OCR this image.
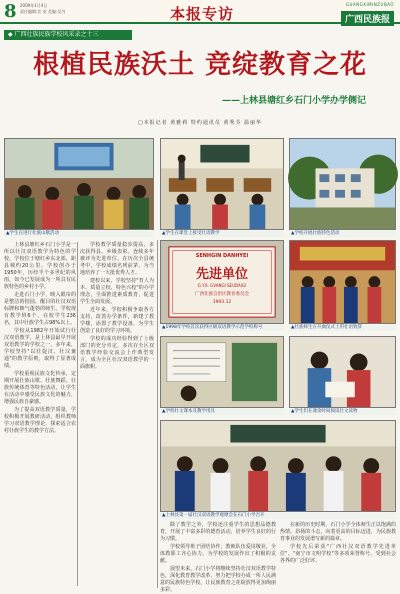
8 2009年1月4日
责任编辑:农 英 美编:吴丹	本报专访
GUANGXIMINZUBAO
广西民族报
◆ 广西壮族民族学校风采录之十三
根植民族沃土 竞绽教育之花
——上林县塘红乡石门小学办学侧记
□本报记者 黄雅莉 特约通讯员 黄秀芬 温丽华
▲学生在进行壮族山歌活动	▲学生在课堂上接受壮语教学	▲学校开展壮族特色活动

上林县塘红乡石门小学是一所以壮汉双语教学为特色的学校，学校位于塘红乡东北部，距县城约20公里。学校创办于1950年，历经半个多世纪的风雨，如今已发展成为一所具有民族特色的乡村小学。

走进石门小学，映入眼帘的是整洁的校园、醒目的壮汉双语标牌和朝气蓬勃的师生。学校现有教学班6个，在校学生236名，其中壮族学生占98%以上。

学校从1982年开始试行壮汉双语教学，是上林县最早开展双语教学的学校之一。多年来，学校坚持"以壮促汉、壮汉兼通"的教学原则，取得了显著成绩。

学校重视民族文化传承，定期开展壮族山歌、壮族舞蹈、壮族传统体育等特色活动，让学生在活动中感受民族文化的魅力，增强民族自豪感。

为了提高双语教学质量，学校积极开展教研活动，组织教师学习双语教学理论，探索适合农村壮族学生的教学方法。

学校教学质量稳步提高，多次获得县、乡级表彰，连续多年被评为先进单位。在历次全县统考中，学校成绩名列前茅，为当地培养了一大批优秀人才。

建校以来，学校坚持"育人为本、质量立校、特色兴校"的办学理念，全面推进素质教育，促进学生全面发展。

近年来，学校积极争取各方支持，改善办学条件，新建了教学楼，添置了教学设备，为学生创造了良好的学习环境。

学校的成功经验得到了上级部门的充分肯定，多次在全区双语教学经验交流会上作典型发言，成为全区壮汉双语教学的一面旗帜。

SENHGIN DANHYEI
先进单位
G.Y.S. GVANGI SEUDAIGI
广西壮族自治区教育委员会
1993.12
▲1998年学校首次获得区级双语教学示范学校称号	▲壮族师生在升旗仪式上用壮语致辞
▲学校壮文课本及教学用具	▲学生们在课余时间阅读壮文读物
▲上林县第一届壮汉双语教学观摩会在石门小学召开

除了教学之外，学校还注重学生的思想品德教育，开展了丰富多彩的德育活动，培养学生良好的行为习惯。

学校领导班子团结协作，教师队伍爱岗敬业，全体教职工齐心协力，为学校的发展作出了积极的贡献。

展望未来，石门小学将继续坚持壮汉双语教学特色，深化教育教学改革，努力把学校办成一所人民满意的民族特色学校，让民族教育之花绽放得更加绚丽多彩。

在新的历史时期，石门小学全体师生正以饱满的热情、昂扬的斗志，向着更高的目标迈进，为民族教育事业的发展谱写新的篇章。

学校先后荣获"广西壮汉双语教学先进单位"、"南宁市文明学校"等多项荣誉称号，受到社会各界的广泛好评。
